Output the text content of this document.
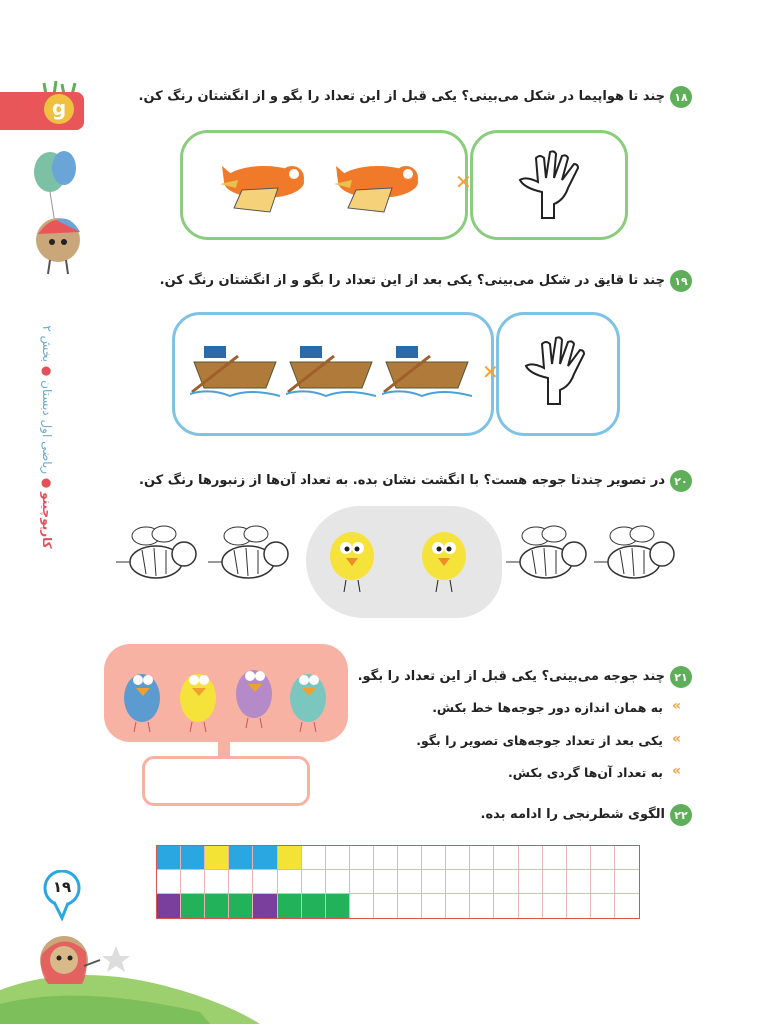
g
کارپوچینو ● ریاضی اول دبستان ● بخش ۲
۱۹
۱۸
چند تا هواپیما در شکل می‌بینی؟ یکی قبل از این تعداد را بگو و از انگشتان رنگ کن.
✕
۱۹
چند تا قایق در شکل می‌بینی؟ یکی بعد از این تعداد را بگو و از انگشتان رنگ کن.
✕
۲۰
در تصویر چندتا جوجه هست؟ با انگشت نشان بده. به تعداد آن‌ها از زنبورها رنگ کن.
۲۱
چند جوجه می‌بینی؟ یکی قبل از این تعداد را بگو.
«
به همان اندازه دور جوجه‌ها خط بکش.
«
یکی بعد از تعداد جوجه‌های تصویر را بگو.
«
به تعداد آن‌ها گردی بکش.
۲۲
الگوی شطرنجی را ادامه بده.
